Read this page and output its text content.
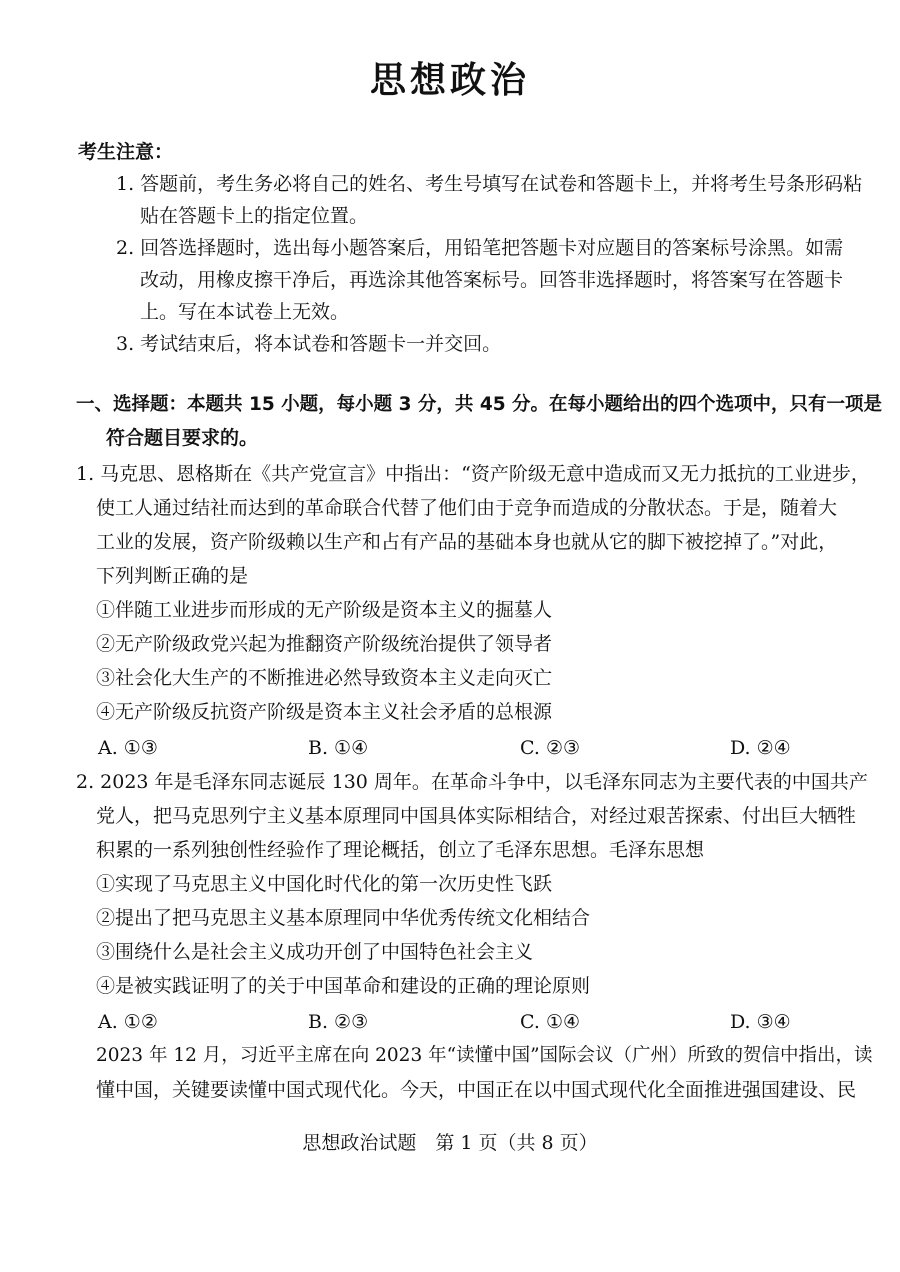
思想政治
考生注意：
1. 答题前，考生务必将自己的姓名、考生号填写在试卷和答题卡上，并将考生号条形码粘
贴在答题卡上的指定位置。
2. 回答选择题时，选出每小题答案后，用铅笔把答题卡对应题目的答案标号涂黑。如需
改动，用橡皮擦干净后，再选涂其他答案标号。回答非选择题时，将答案写在答题卡
上。写在本试卷上无效。
3. 考试结束后，将本试卷和答题卡一并交回。
一、选择题：本题共 15 小题，每小题 3 分，共 45 分。在每小题给出的四个选项中，只有一项是
符合题目要求的。
1. 马克思、恩格斯在《共产党宣言》中指出：“资产阶级无意中造成而又无力抵抗的工业进步，
使工人通过结社而达到的革命联合代替了他们由于竞争而造成的分散状态。于是，随着大
工业的发展，资产阶级赖以生产和占有产品的基础本身也就从它的脚下被挖掉了。”对此，
下列判断正确的是
①伴随工业进步而形成的无产阶级是资本主义的掘墓人
②无产阶级政党兴起为推翻资产阶级统治提供了领导者
③社会化大生产的不断推进必然导致资本主义走向灭亡
④无产阶级反抗资产阶级是资本主义社会矛盾的总根源
A. ①③	B. ①④	C. ②③	D. ②④
2. 2023 年是毛泽东同志诞辰 130 周年。在革命斗争中，以毛泽东同志为主要代表的中国共产
党人，把马克思列宁主义基本原理同中国具体实际相结合，对经过艰苦探索、付出巨大牺牲
积累的一系列独创性经验作了理论概括，创立了毛泽东思想。毛泽东思想
①实现了马克思主义中国化时代化的第一次历史性飞跃
②提出了把马克思主义基本原理同中华优秀传统文化相结合
③围绕什么是社会主义成功开创了中国特色社会主义
④是被实践证明了的关于中国革命和建设的正确的理论原则
A. ①②	B. ②③	C. ①④	D. ③④
2023 年 12 月，习近平主席在向 2023 年“读懂中国”国际会议（广州）所致的贺信中指出，读
懂中国，关键要读懂中国式现代化。今天，中国正在以中国式现代化全面推进强国建设、民
思想政治试题　第 1 页（共 8 页）
